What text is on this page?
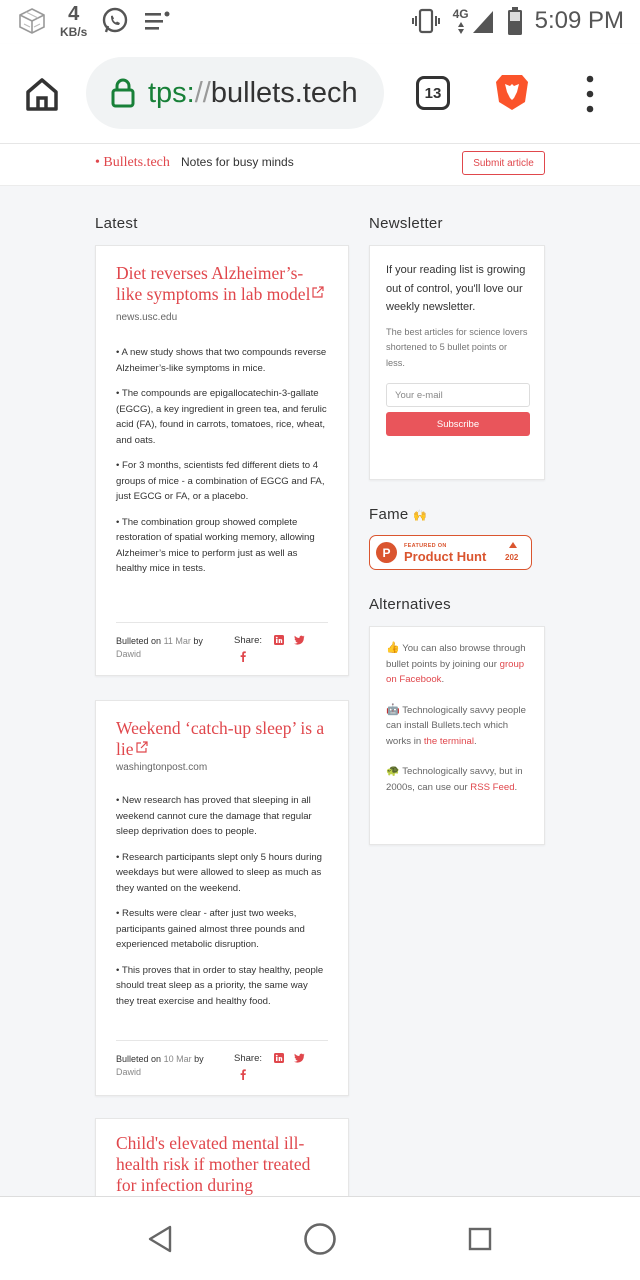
4
KB/s
4G	5:09 PM
tps://bullets.tech	13
• Bullets.tech Notes for busy minds	Submit article
Latest
Diet reverses Alzheimer’s-like symptoms in lab model
news.usc.edu
• A new study shows that two compounds reverse Alzheimer’s-like symptoms in mice.
• The compounds are epigallocatechin-3-gallate (EGCG), a key ingredient in green tea, and ferulic acid (FA), found in carrots, tomatoes, rice, wheat, and oats.
• For 3 months, scientists fed different diets to 4 groups of mice - a combination of EGCG and FA, just EGCG or FA, or a placebo.
• The combination group showed complete restoration of spatial working memory, allowing Alzheimer’s mice to perform just as well as healthy mice in tests.
Bulleted on 11 Mar by
Dawid
Share:
Weekend ‘catch-up sleep’ is a lie
washingtonpost.com
• New research has proved that sleeping in all weekend cannot cure the damage that regular sleep deprivation does to people.
• Research participants slept only 5 hours during weekdays but were allowed to sleep as much as they wanted on the weekend.
• Results were clear - after just two weeks, participants gained almost three pounds and experienced metabolic disruption.
• This proves that in order to stay healthy, people should treat sleep as a priority, the same way they treat exercise and healthy food.
Bulleted on 10 Mar by
Dawid
Share:
Child's elevated mental ill-health risk if mother treated for infection during
Newsletter
If your reading list is growing out of control, you'll love our weekly newsletter.
The best articles for science lovers shortened to 5 bullet points or less.
Your e-mail
Subscribe
Fame 🙌
P	FEATURED ON
Product Hunt 202
Alternatives
👍 You can also browse through bullet points by joining our group on Facebook.
🤖 Technologically savvy people can install Bullets.tech which works in the terminal.
🐢 Technologically savvy, but in 2000s, can use our RSS Feed.
